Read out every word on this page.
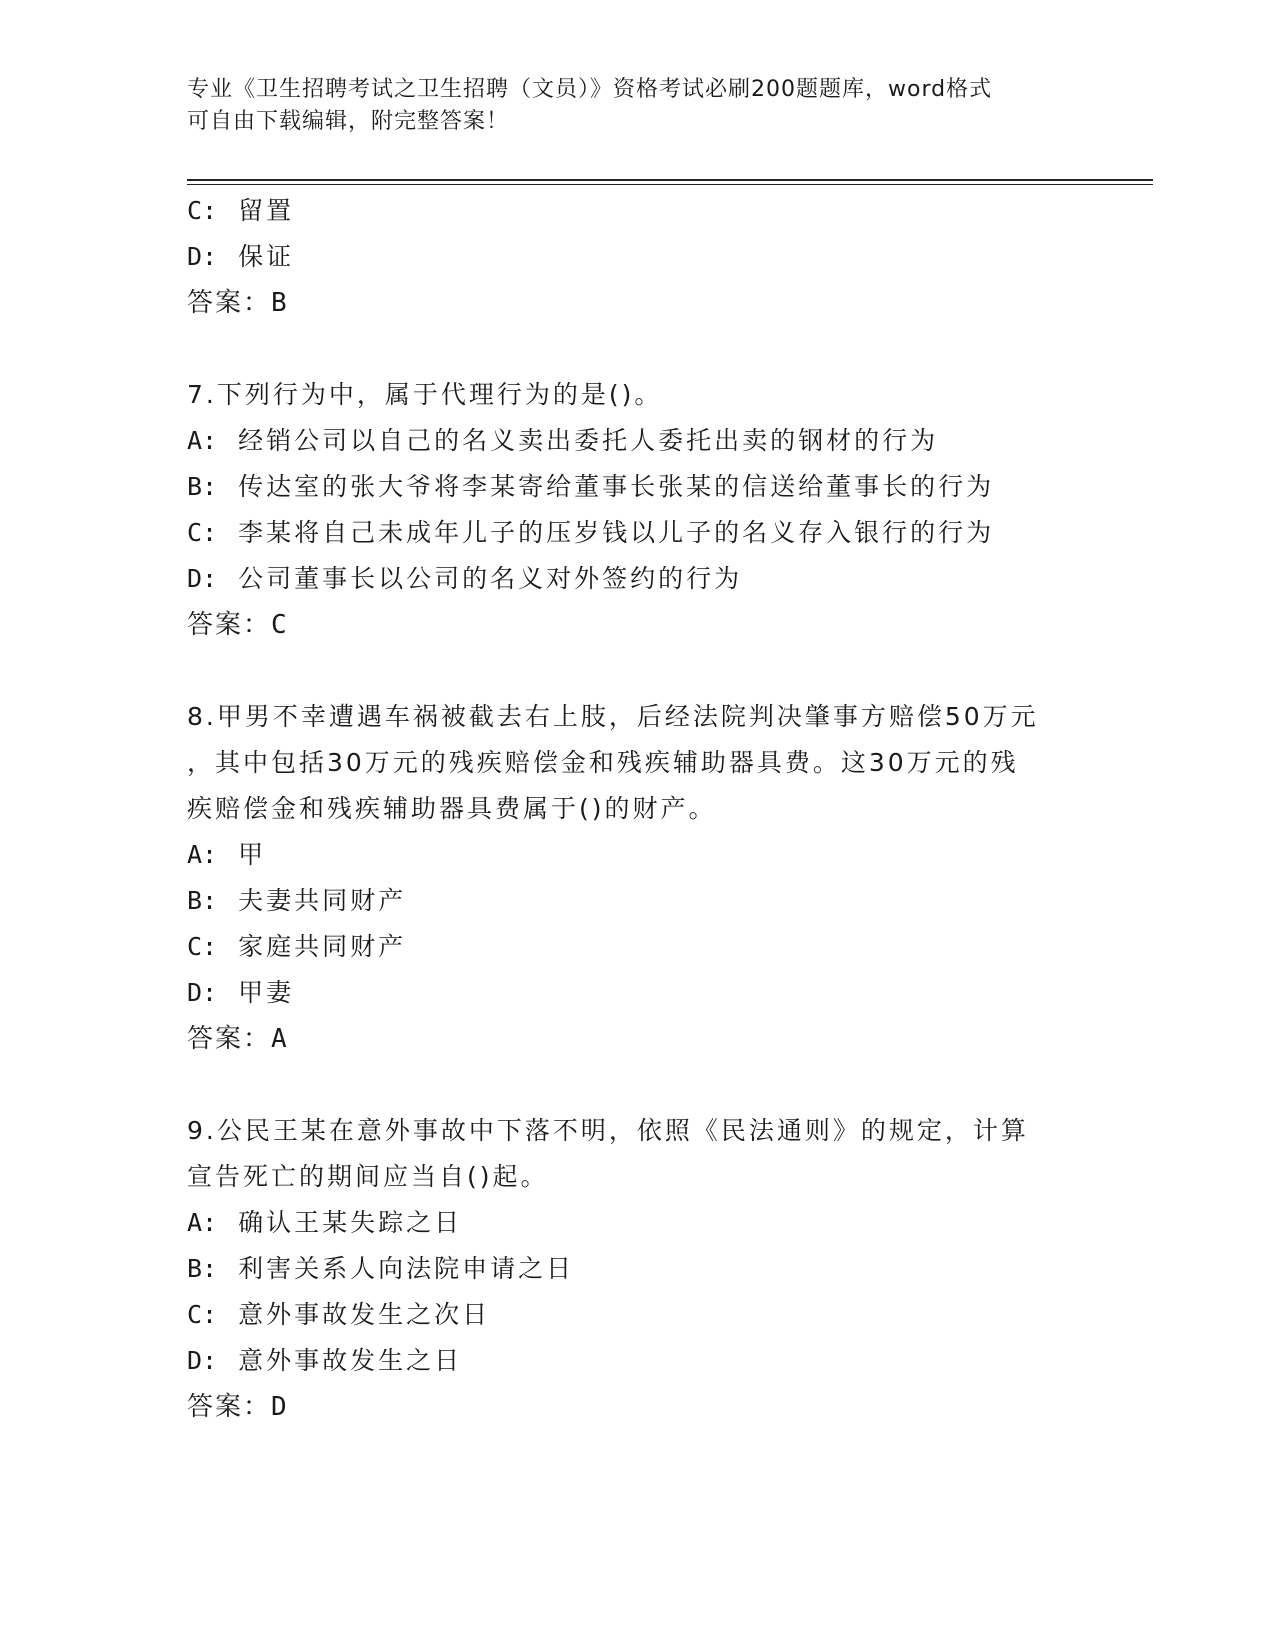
专业《卫生招聘考试之卫生招聘（文员）》资格考试必刷200题题库，word格式
可自由下载编辑，附完整答案！
C: 留置
D: 保证
答案：B
7.下列行为中，属于代理行为的是()。
A: 经销公司以自己的名义卖出委托人委托出卖的钢材的行为
B: 传达室的张大爷将李某寄给董事长张某的信送给董事长的行为
C: 李某将自己未成年儿子的压岁钱以儿子的名义存入银行的行为
D: 公司董事长以公司的名义对外签约的行为
答案：C
8.甲男不幸遭遇车祸被截去右上肢，后经法院判决肇事方赔偿50万元
，其中包括30万元的残疾赔偿金和残疾辅助器具费。这30万元的残
疾赔偿金和残疾辅助器具费属于()的财产。
A: 甲
B: 夫妻共同财产
C: 家庭共同财产
D: 甲妻
答案：A
9.公民王某在意外事故中下落不明，依照《民法通则》的规定，计算
宣告死亡的期间应当自()起。
A: 确认王某失踪之日
B: 利害关系人向法院申请之日
C: 意外事故发生之次日
D: 意外事故发生之日
答案：D
